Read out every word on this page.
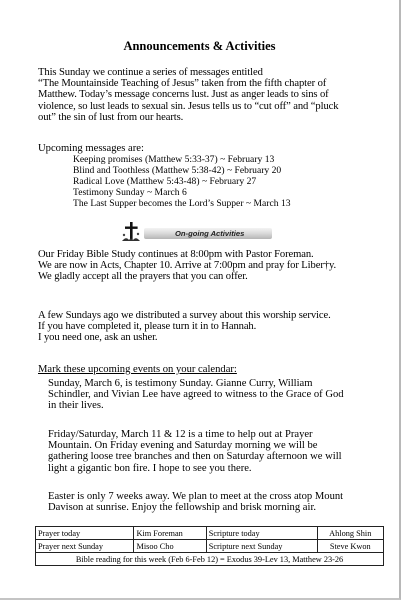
Announcements & Activities
This Sunday we continue a series of messages entitled
“The Mountainside Teaching of Jesus” taken from the fifth chapter of
Matthew. Today’s message concerns lust. Just as anger leads to sins of
violence, so lust leads to sexual sin. Jesus tells us to “cut off” and “pluck
out” the sin of lust from our hearts.
Upcoming messages are:
Keeping promises (Matthew 5:33-37) ~ February 13
Blind and Toothless (Matthew 5:38-42) ~ February 20
Radical Love (Matthew 5:43-48) ~ February 27
Testimony Sunday ~ March 6
The Last Supper becomes the Lord’s Supper ~ March 13
On-going Activities
Our Friday Bible Study continues at 8:00pm with Pastor Foreman.
We are now in Acts, Chapter 10. Arrive at 7:00pm and pray for Liber†y.
We gladly accept all the prayers that you can offer.
A few Sundays ago we distributed a survey about this worship service.
If you have completed it, please turn it in to Hannah.
I you need one, ask an usher.
Mark these upcoming events on your calendar:
Sunday, March 6, is testimony Sunday. Gianne Curry, William
Schindler, and Vivian Lee have agreed to witness to the Grace of God
in their lives.
Friday/Saturday, March 11 & 12 is a time to help out at Prayer
Mountain. On Friday evening and Saturday morning we will be
gathering loose tree branches and then on Saturday afternoon we will
light a gigantic bon fire. I hope to see you there.
Easter is only 7 weeks away. We plan to meet at the cross atop Mount
Davison at sunrise. Enjoy the fellowship and brisk morning air.
Prayer today	Kim Foreman	Scripture today	Ahlong Shin
Prayer next Sunday	Misoo Cho	Scripture next Sunday	Steve Kwon
Bible reading for this week (Feb 6-Feb 12) = Exodus 39-Lev 13, Matthew 23-26			
